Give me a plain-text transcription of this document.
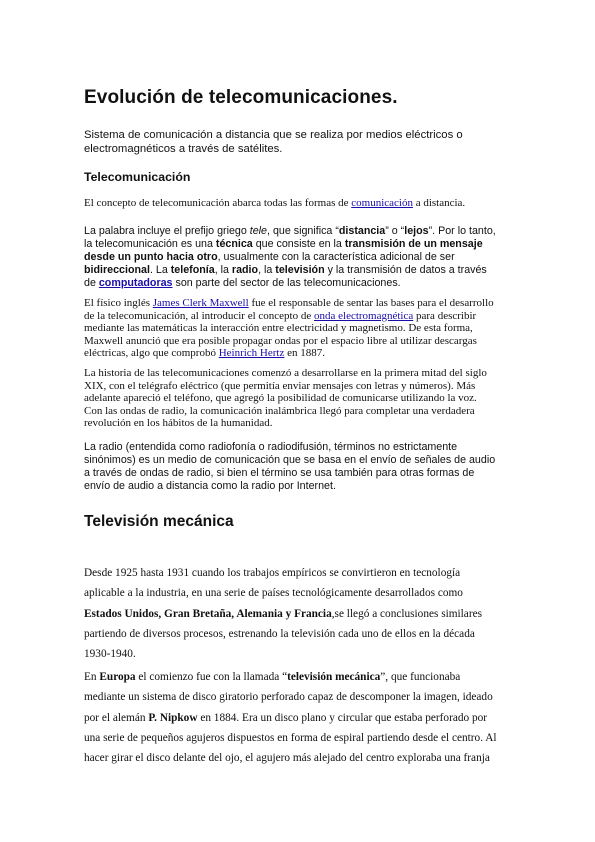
Evolución de telecomunicaciones.

Sistema de comunicación a distancia que se realiza por medios eléctricos o electromagnéticos a través de satélites.

Telecomunicación

El concepto de telecomunicación abarca todas las formas de comunicación a distancia.

La palabra incluye el prefijo griego tele, que significa “distancia” o “lejos”. Por lo tanto, la telecomunicación es una técnica que consiste en la transmisión de un mensaje desde un punto hacia otro, usualmente con la característica adicional de ser bidireccional. La telefonía, la radio, la televisión y la transmisión de datos a través de computadoras son parte del sector de las telecomunicaciones.

El físico inglés James Clerk Maxwell fue el responsable de sentar las bases para el desarrollo de la telecomunicación, al introducir el concepto de onda electromagnética para describir mediante las matemáticas la interacción entre electricidad y magnetismo. De esta forma, Maxwell anunció que era posible propagar ondas por el espacio libre al utilizar descargas eléctricas, algo que comprobó Heinrich Hertz en 1887.

La historia de las telecomunicaciones comenzó a desarrollarse en la primera mitad del siglo XIX, con el telégrafo eléctrico (que permitía enviar mensajes con letras y números). Más adelante apareció el teléfono, que agregó la posibilidad de comunicarse utilizando la voz. Con las ondas de radio, la comunicación inalámbrica llegó para completar una verdadera revolución en los hábitos de la humanidad.

La radio (entendida como radiofonía o radiodifusión, términos no estrictamente sinónimos) es un medio de comunicación que se basa en el envío de señales de audio a través de ondas de radio, si bien el término se usa también para otras formas de envío de audio a distancia como la radio por Internet.

Televisión mecánica

Desde 1925 hasta 1931 cuando los trabajos empíricos se convirtieron en tecnología aplicable a la industria, en una serie de países tecnológicamente desarrollados como Estados Unidos, Gran Bretaña, Alemania y Francia,se llegó a conclusiones similares partiendo de diversos procesos, estrenando la televisión cada uno de ellos en la década 1930-1940.

En Europa el comienzo fue con la llamada “televisión mecánica”, que funcionaba mediante un sistema de disco giratorio perforado capaz de descomponer la imagen, ideado por el alemán P. Nipkow en 1884. Era un disco plano y circular que estaba perforado por una serie de pequeños agujeros dispuestos en forma de espiral partiendo desde el centro. Al hacer girar el disco delante del ojo, el agujero más alejado del centro exploraba una franja
